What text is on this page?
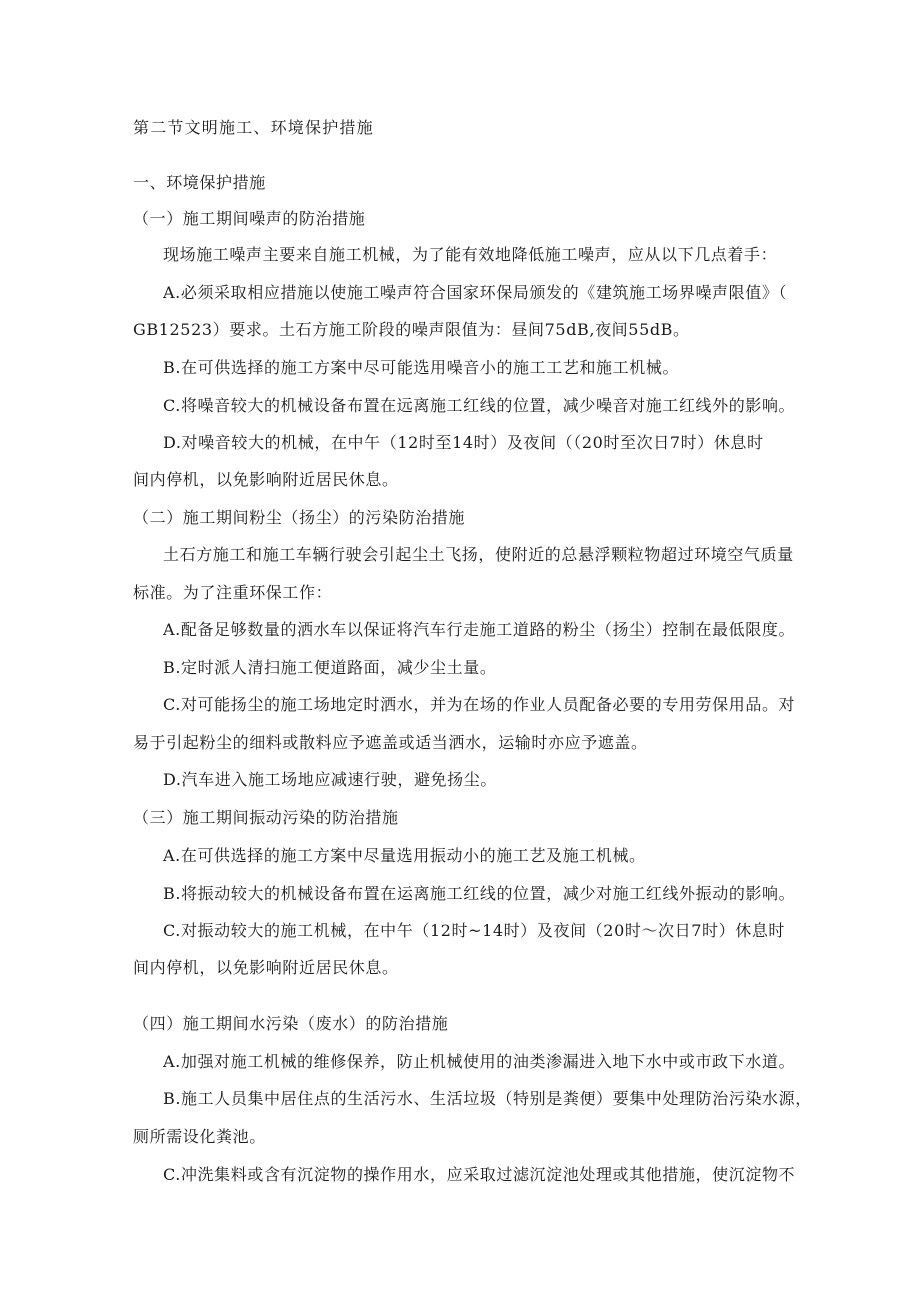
第二节文明施工、环境保护措施
一、环境保护措施
（一）施工期间噪声的防治措施
现场施工噪声主要来自施工机械，为了能有效地降低施工噪声，应从以下几点着手：
A.必须采取相应措施以使施工噪声符合国家环保局颁发的《建筑施工场界噪声限值》（
GB12523）要求。土石方施工阶段的噪声限值为：昼间75dB,夜间55dB。
B.在可供选择的施工方案中尽可能选用噪音小的施工工艺和施工机械。
C.将噪音较大的机械设备布置在远离施工红线的位置，减少噪音对施工红线外的影响。
D.对噪音较大的机械，在中午（12时至14时）及夜间（（20时至次日7时）休息时
间内停机，以免影响附近居民休息。
（二）施工期间粉尘（扬尘）的污染防治措施
土石方施工和施工车辆行驶会引起尘土飞扬，使附近的总悬浮颗粒物超过环境空气质量
标准。为了注重环保工作：
A.配备足够数量的洒水车以保证将汽车行走施工道路的粉尘（扬尘）控制在最低限度。
B.定时派人清扫施工便道路面，减少尘土量。
C.对可能扬尘的施工场地定时洒水，并为在场的作业人员配备必要的专用劳保用品。对
易于引起粉尘的细料或散料应予遮盖或适当洒水，运输时亦应予遮盖。
D.汽车进入施工场地应减速行驶，避免扬尘。
（三）施工期间振动污染的防治措施
A.在可供选择的施工方案中尽量选用振动小的施工艺及施工机械。
B.将振动较大的机械设备布置在运离施工红线的位置，减少对施工红线外振动的影响。
C.对振动较大的施工机械，在中午（12时~14时）及夜间（20时～次日7时）休息时
间内停机，以免影响附近居民休息。
（四）施工期间水污染（废水）的防治措施
A.加强对施工机械的维修保养，防止机械使用的油类渗漏进入地下水中或市政下水道。
B.施工人员集中居住点的生活污水、生活垃圾（特别是粪便）要集中处理防治污染水源，
厕所需设化粪池。
C.冲洗集料或含有沉淀物的操作用水，应采取过滤沉淀池处理或其他措施，使沉淀物不
